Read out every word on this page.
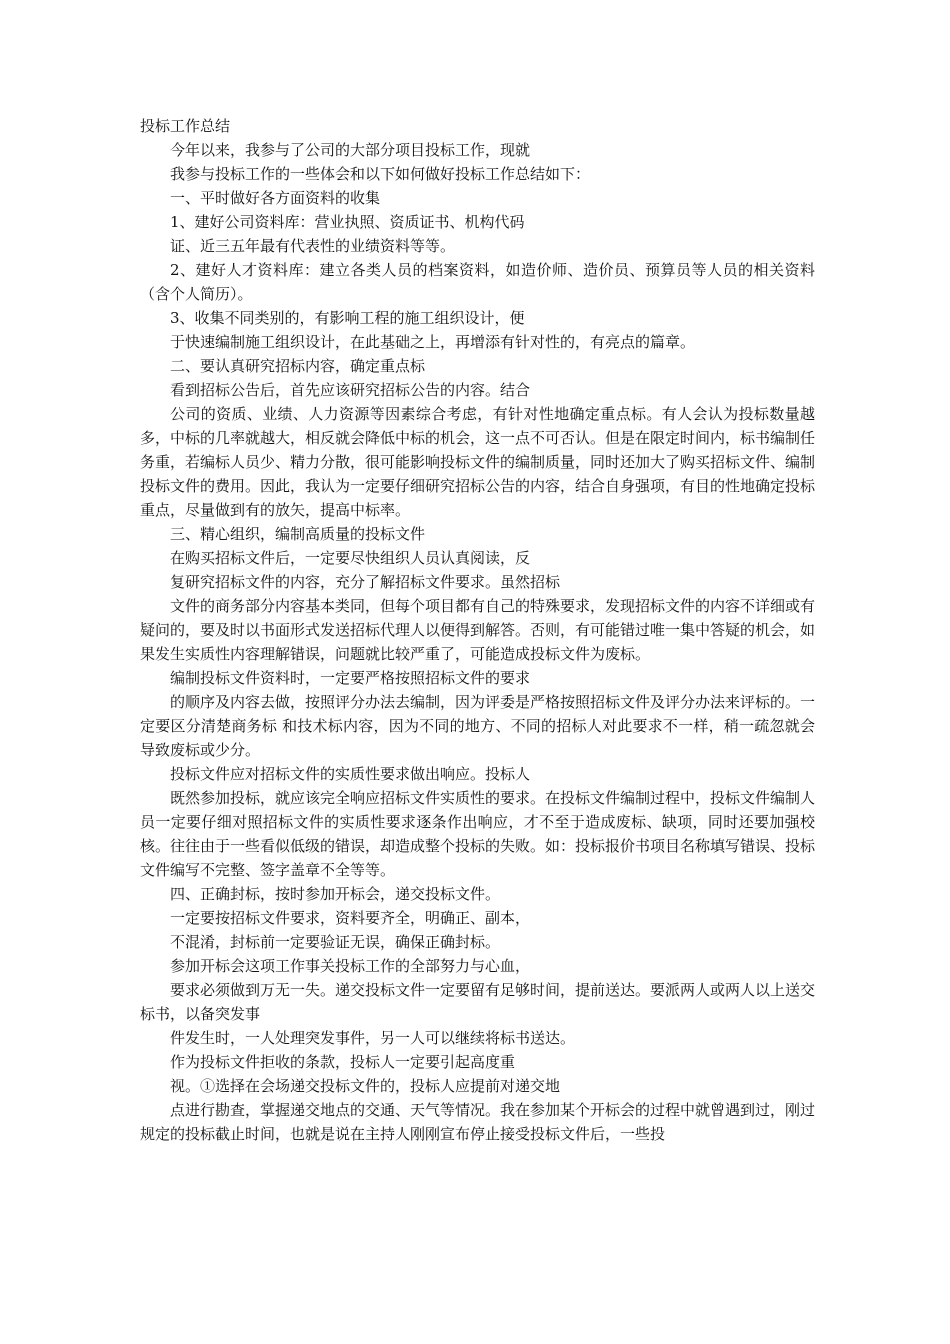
投标工作总结

今年以来，我参与了公司的大部分项目投标工作，现就

我参与投标工作的一些体会和以下如何做好投标工作总结如下：

一、平时做好各方面资料的收集

1、建好公司资料库：营业执照、资质证书、机构代码

证、近三五年最有代表性的业绩资料等等。

2、建好人才资料库：建立各类人员的档案资料，如造价师、造价员、预算员等人员的相关资料（含个人简历）。

3、收集不同类别的，有影响工程的施工组织设计，便

于快速编制施工组织设计，在此基础之上，再增添有针对性的，有亮点的篇章。

二、要认真研究招标内容，确定重点标

看到招标公告后，首先应该研究招标公告的内容。结合

公司的资质、业绩、人力资源等因素综合考虑，有针对性地确定重点标。有人会认为投标数量越多，中标的几率就越大，相反就会降低中标的机会，这一点不可否认。但是在限定时间内，标书编制任务重，若编标人员少、精力分散，很可能影响投标文件的编制质量，同时还加大了购买招标文件、编制投标文件的费用。因此，我认为一定要仔细研究招标公告的内容，结合自身强项，有目的性地确定投标重点，尽量做到有的放矢，提高中标率。

三、精心组织，编制高质量的投标文件

在购买招标文件后，一定要尽快组织人员认真阅读，反

复研究招标文件的内容，充分了解招标文件要求。虽然招标

文件的商务部分内容基本类同，但每个项目都有自己的特殊要求，发现招标文件的内容不详细或有疑问的，要及时以书面形式发送招标代理人以便得到解答。否则，有可能错过唯一集中答疑的机会，如果发生实质性内容理解错误，问题就比较严重了，可能造成投标文件为废标。

编制投标文件资料时，一定要严格按照招标文件的要求

的顺序及内容去做，按照评分办法去编制，因为评委是严格按照招标文件及评分办法来评标的。一定要区分清楚商务标 和技术标内容，因为不同的地方、不同的招标人对此要求不一样，稍一疏忽就会导致废标或少分。

投标文件应对招标文件的实质性要求做出响应。投标人

既然参加投标，就应该完全响应招标文件实质性的要求。在投标文件编制过程中，投标文件编制人员一定要仔细对照招标文件的实质性要求逐条作出响应，才不至于造成废标、缺项，同时还要加强校核。往往由于一些看似低级的错误，却造成整个投标的失败。如：投标报价书项目名称填写错误、投标文件编写不完整、签字盖章不全等等。

四、正确封标，按时参加开标会，递交投标文件。

一定要按招标文件要求，资料要齐全，明确正、副本，

不混淆，封标前一定要验证无误，确保正确封标。

参加开标会这项工作事关投标工作的全部努力与心血，

要求必须做到万无一失。递交投标文件一定要留有足够时间，提前送达。要派两人或两人以上送交标书，以备突发事

件发生时，一人处理突发事件，另一人可以继续将标书送达。

作为投标文件拒收的条款，投标人一定要引起高度重

视。①选择在会场递交投标文件的，投标人应提前对递交地

点进行勘查，掌握递交地点的交通、天气等情况。我在参加某个开标会的过程中就曾遇到过，刚过规定的投标截止时间，也就是说在主持人刚刚宣布停止接受投标文件后，一些投
